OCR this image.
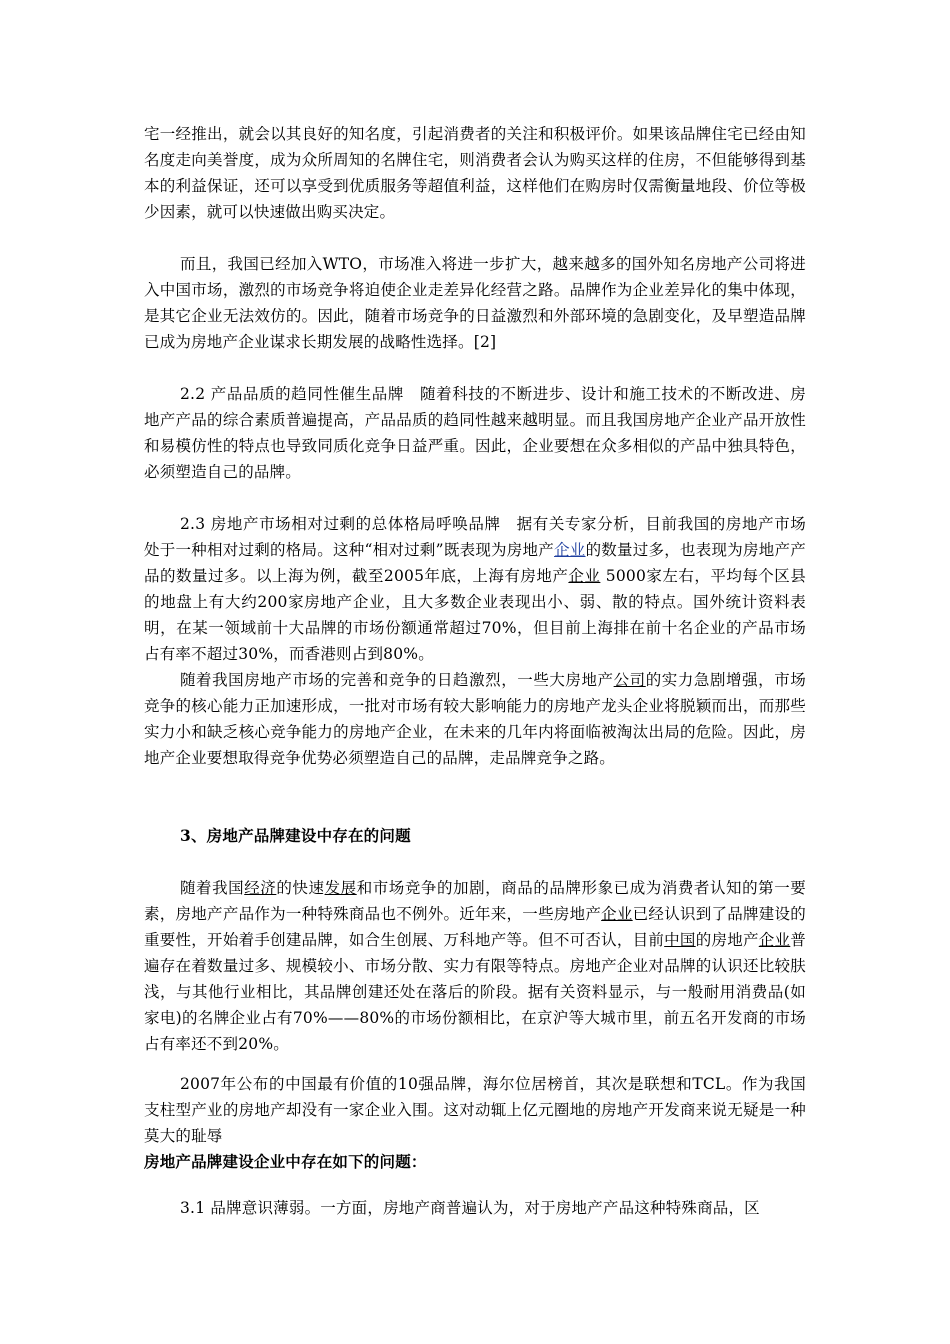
宅一经推出，就会以其良好的知名度，引起消费者的关注和积极评价。如果该品牌住宅已经由知名度走向美誉度，成为众所周知的名牌住宅，则消费者会认为购买这样的住房，不但能够得到基本的利益保证，还可以享受到优质服务等超值利益，这样他们在购房时仅需衡量地段、价位等极少因素，就可以快速做出购买决定。

而且，我国已经加入WTO，市场准入将进一步扩大，越来越多的国外知名房地产公司将进入中国市场，激烈的市场竞争将迫使企业走差异化经营之路。品牌作为企业差异化的集中体现，是其它企业无法效仿的。因此，随着市场竞争的日益激烈和外部环境的急剧变化，及早塑造品牌已成为房地产企业谋求长期发展的战略性选择。[2]

2.2 产品品质的趋同性催生品牌　随着科技的不断进步、设计和施工技术的不断改进、房地产产品的综合素质普遍提高，产品品质的趋同性越来越明显。而且我国房地产企业产品开放性和易模仿性的特点也导致同质化竞争日益严重。因此，企业要想在众多相似的产品中独具特色，必须塑造自己的品牌。

2.3 房地产市场相对过剩的总体格局呼唤品牌　据有关专家分析，目前我国的房地产市场处于一种相对过剩的格局。这种“相对过剩”既表现为房地产企业的数量过多，也表现为房地产产品的数量过多。以上海为例，截至2005年底，上海有房地产企业 5000家左右，平均每个区县的地盘上有大约200家房地产企业，且大多数企业表现出小、弱、散的特点。国外统计资料表明，在某一领域前十大品牌的市场份额通常超过70%，但目前上海排在前十名企业的产品市场占有率不超过30%，而香港则占到80%。

随着我国房地产市场的完善和竞争的日趋激烈，一些大房地产公司的实力急剧增强，市场竞争的核心能力正加速形成，一批对市场有较大影响能力的房地产龙头企业将脱颖而出，而那些实力小和缺乏核心竞争能力的房地产企业，在未来的几年内将面临被淘汰出局的危险。因此，房地产企业要想取得竞争优势必须塑造自己的品牌，走品牌竞争之路。

3、房地产品牌建设中存在的问题

随着我国经济的快速发展和市场竞争的加剧，商品的品牌形象已成为消费者认知的第一要素，房地产产品作为一种特殊商品也不例外。近年来，一些房地产企业已经认识到了品牌建设的重要性，开始着手创建品牌，如合生创展、万科地产等。但不可否认，目前中国的房地产企业普遍存在着数量过多、规模较小、市场分散、实力有限等特点。房地产企业对品牌的认识还比较肤浅，与其他行业相比，其品牌创建还处在落后的阶段。据有关资料显示，与一般耐用消费品(如家电)的名牌企业占有70%——80%的市场份额相比，在京沪等大城市里，前五名开发商的市场占有率还不到20%。

2007年公布的中国最有价值的10强品牌，海尔位居榜首，其次是联想和TCL。作为我国支柱型产业的房地产却没有一家企业入围。这对动辄上亿元圈地的房地产开发商来说无疑是一种莫大的耻辱

房地产品牌建设企业中存在如下的问题：

3.1 品牌意识薄弱。一方面，房地产商普遍认为，对于房地产产品这种特殊商品，区
